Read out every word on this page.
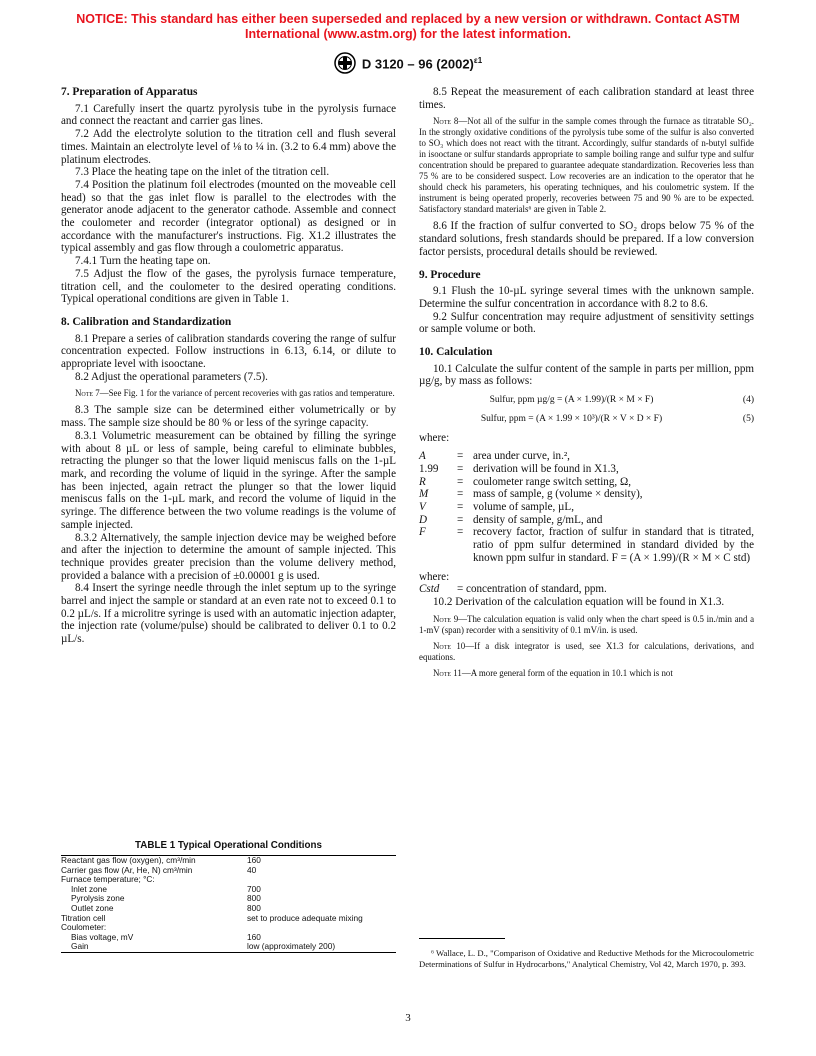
NOTICE: This standard has either been superseded and replaced by a new version or withdrawn. Contact ASTM International (www.astm.org) for the latest information.
D 3120 – 96 $(2002)^{\varepsilon 1}$
7. Preparation of Apparatus

7.1 Carefully insert the quartz pyrolysis tube in the pyrolysis furnace and connect the reactant and carrier gas lines.

7.2 Add the electrolyte solution to the titration cell and flush several times. Maintain an electrolyte level of ⅛ to ¼ in. (3.2 to 6.4 mm) above the platinum electrodes.

7.3 Place the heating tape on the inlet of the titration cell.

7.4 Position the platinum foil electrodes (mounted on the moveable cell head) so that the gas inlet flow is parallel to the electrodes with the generator anode adjacent to the generator cathode. Assemble and connect the coulometer and recorder (integrator optional) as designed or in accordance with the manufacturer's instructions. Fig. X1.2 illustrates the typical assembly and gas flow through a coulometric apparatus.

7.4.1 Turn the heating tape on.

7.5 Adjust the flow of the gases, the pyrolysis furnace temperature, titration cell, and the coulometer to the desired operating conditions. Typical operational conditions are given in Table 1.

8. Calibration and Standardization

8.1 Prepare a series of calibration standards covering the range of sulfur concentration expected. Follow instructions in 6.13, 6.14, or dilute to appropriate level with isooctane.

8.2 Adjust the operational parameters (7.5).

Note 7—See Fig. 1 for the variance of percent recoveries with gas ratios and temperature.

8.3 The sample size can be determined either volumetrically or by mass. The sample size should be 80 % or less of the syringe capacity.

8.3.1 Volumetric measurement can be obtained by filling the syringe with about 8 µL or less of sample, being careful to eliminate bubbles, retracting the plunger so that the lower liquid meniscus falls on the 1-µL mark, and recording the volume of liquid in the syringe. After the sample has been injected, again retract the plunger so that the lower liquid meniscus falls on the 1-µL mark, and record the volume of liquid in the syringe. The difference between the two volume readings is the volume of sample injected.

8.3.2 Alternatively, the sample injection device may be weighed before and after the injection to determine the amount of sample injected. This technique provides greater precision than the volume delivery method, provided a balance with a precision of ±0.00001 g is used.

8.4 Insert the syringe needle through the inlet septum up to the syringe barrel and inject the sample or standard at an even rate not to exceed 0.1 to 0.2 µL/s. If a microlitre syringe is used with an automatic injection adapter, the injection rate (volume/pulse) should be calibrated to deliver 0.1 to 0.2 µL/s.

TABLE 1 Typical Operational Conditions
Reactant gas flow (oxygen), cm³/min	160
Carrier gas flow (Ar, He, N) cm³/min	40
Furnace temperature; °C:	
Inlet zone	700
Pyrolysis zone	800
Outlet zone	800
Titration cell	set to produce adequate mixing
Coulometer:	
Bias voltage, mV	160
Gain	low (approximately 200)

8.5 Repeat the measurement of each calibration standard at least three times.

Note 8—Not all of the sulfur in the sample comes through the furnace as titratable SO₂. In the strongly oxidative conditions of the pyrolysis tube some of the sulfur is also converted to SO₃ which does not react with the titrant. Accordingly, sulfur standards of n-butyl sulfide in isooctane or sulfur standards appropriate to sample boiling range and sulfur type and sulfur concentration should be prepared to guarantee adequate standardization. Recoveries less than 75 % are to be considered suspect. Low recoveries are an indication to the operator that he should check his parameters, his operating techniques, and his coulometric system. If the instrument is being operated properly, recoveries between 75 and 90 % are to be expected. Satisfactory standard materials⁶ are given in Table 2.

8.6 If the fraction of sulfur converted to SO₂ drops below 75 % of the standard solutions, fresh standards should be prepared. If a low conversion factor persists, procedural details should be reviewed.

9. Procedure

9.1 Flush the 10-µL syringe several times with the unknown sample. Determine the sulfur concentration in accordance with 8.2 to 8.6.

9.2 Sulfur concentration may require adjustment of sensitivity settings or sample volume or both.

10. Calculation

10.1 Calculate the sulfur content of the sample in parts per million, ppm µg/g, by mass as follows:

Sulfur, ppm µg/g = (A × 1.99)/(R × M × F)	(4)
Sulfur, ppm = (A × 1.99 × 10³)/(R × V × D × F)	(5)

where:

A	= area under curve, in.²,
1.99	= derivation will be found in X1.3,
R	= coulometer range switch setting, Ω,
M	= mass of sample, g (volume × density),
V	= volume of sample, µL,
D	= density of sample, g/mL, and
F	= recovery factor, fraction of sulfur in standard that is titrated, ratio of ppm sulfur determined in standard divided by the known ppm sulfur in standard. F = (A × 1.99)/(R × M × C std)

where:

Cstd	= concentration of standard, ppm.

10.2 Derivation of the calculation equation will be found in X1.3.

Note 9—The calculation equation is valid only when the chart speed is 0.5 in./min and a 1-mV (span) recorder with a sensitivity of 0.1 mV/in. is used.

Note 10—If a disk integrator is used, see X1.3 for calculations, derivations, and equations.

Note 11—A more general form of the equation in 10.1 which is not

⁶ Wallace, L. D., "Comparison of Oxidative and Reductive Methods for the Microcoulometric Determinations of Sulfur in Hydrocarbons," Analytical Chemistry, Vol 42, March 1970, p. 393.
3
